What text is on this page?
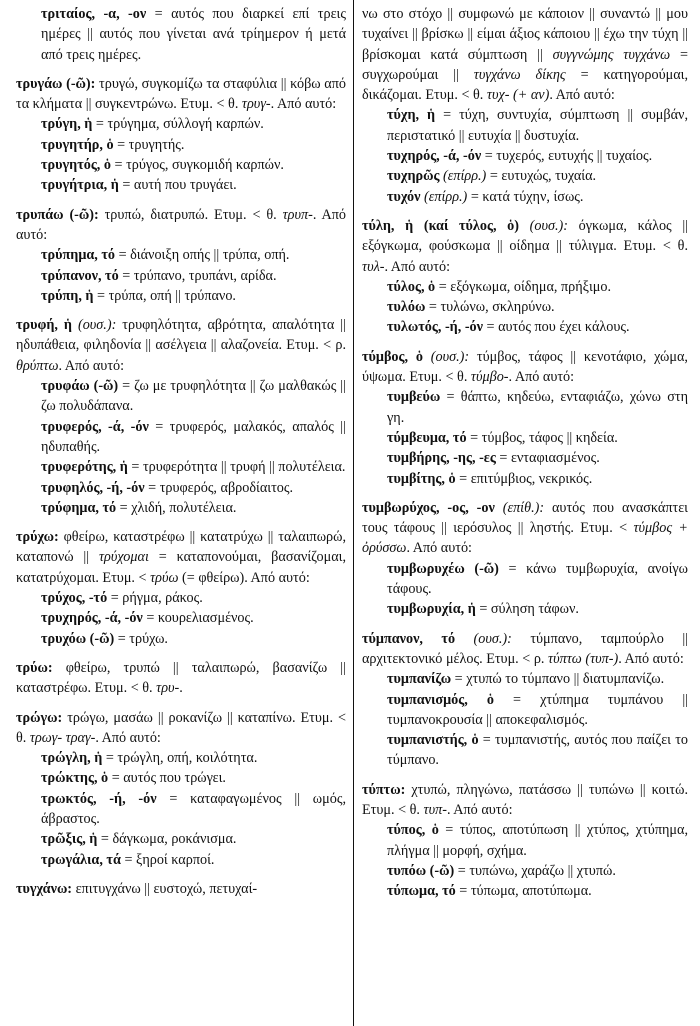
τριταίος, -α, -ον = αυτός που διαρκεί επί τρεις ημέρες || αυτός που γίνεται ανά τρίημερον ή μετά από τρεις ημέρες.
τρυγάω (-ῶ): τρυγώ, συγκομίζω τα σταφύλια || κόβω από τα κλήματα || συγκεντρώνω. Ετυμ. < θ. τρυγ-. Από αυτό:
τρύγη, ἡ = τρύγημα, σύλλογή καρπών.
τρυγητήρ, ὁ = τρυγητής.
τρυγητός, ὁ = τρύγος, συγκομιδή καρπών.
τρυγήτρια, ἡ = αυτή που τρυγάει.
τρυπάω (-ῶ): τρυπώ, διατρυπώ. Ετυμ. < θ. τρυπ-. Από αυτό:
τρύπημα, τό = διάνοιξη οπής || τρύπα, οπή.
τρύπανον, τό = τρύπανο, τρυπάνι, αρίδα.
τρύπη, ἡ = τρύπα, οπή || τρύπανο.
τρυφή, ἡ (ουσ.): τρυφηλότητα, αβρότητα, απαλότητα || ηδυπάθεια, φιληδονία || ασέλγεια || αλαζονεία. Ετυμ. < ρ. θρύπτω. Από αυτό:
τρυφάω (-ῶ) = ζω με τρυφηλότητα || ζω μαλθακώς || ζω πολυδάπανα.
τρυφερός, -ά, -όν = τρυφερός, μαλακός, απαλός || ηδυπαθής.
τρυφερότης, ἡ = τρυφερότητα || τρυφή || πολυτέλεια.
τρυφηλός, -ή, -όν = τρυφερός, αβροδίαιτος.
τρύφημα, τό = χλιδή, πολυτέλεια.
τρύχω: φθείρω, καταστρέφω || κατατρύχω || ταλαιπωρώ, καταπονώ || τρύχομαι = καταπονούμαι, βασανίζομαι, κατατρύχομαι. Ετυμ. < τρύω (= φθείρω). Από αυτό:
τρύχος, -τό = ρήγμα, ράκος.
τρυχηρός, -ά, -όν = κουρελιασμένος.
τρυχόω (-ῶ) = τρύχω.
τρύω: φθείρω, τρυπώ || ταλαιπωρώ, βασανίζω || καταστρέφω. Ετυμ. < θ. τρυ-.
τρώγω: τρώγω, μασάω || ροκανίζω || καταπίνω. Ετυμ. < θ. τρωγ- τραγ-. Από αυτό:
τρώγλη, ἡ = τρώγλη, οπή, κοιλότητα.
τρώκτης, ὁ = αυτός που τρώγει.
τρωκτός, -ή, -όν = καταφαγωμένος || ωμός, άβραστος.
τρῶξις, ἡ = δάγκωμα, ροκάνισμα.
τρωγάλια, τά = ξηροί καρποί.
τυγχάνω: επιτυγχάνω || ευστοχώ, πετυχαί-
νω στο στόχο || συμφωνώ με κάποιον || συναντώ || μου τυχαίνει || βρίσκω || είμαι άξιος κάποιου || έχω την τύχη || βρίσκομαι κατά σύμπτωση || συγγνώμης τυγχάνω = συγχωρούμαι || τυγχάνω δίκης = κατηγορούμαι, δικάζομαι. Ετυμ. < θ. τυχ- (+ αν). Από αυτό:
τύχη, ἡ = τύχη, συντυχία, σύμπτωση || συμβάν, περιστατικό || ευτυχία || δυστυχία.
τυχηρός, -ά, -όν = τυχερός, ευτυχής || τυχαίος.
τυχηρῶς (επίρρ.) = ευτυχώς, τυχαία.
τυχόν (επίρρ.) = κατά τύχην, ίσως.
τύλη, ἡ (καί τύλος, ὁ) (ουσ.): όγκωμα, κάλος || εξόγκωμα, φούσκωμα || οίδημα || τύλιγμα. Ετυμ. < θ. τυλ-. Από αυτό:
τύλος, ὁ = εξόγκωμα, οίδημα, πρήξιμο.
τυλόω = τυλώνω, σκληρύνω.
τυλωτός, -ή, -όν = αυτός που έχει κάλους.
τύμβος, ὁ (ουσ.): τύμβος, τάφος || κενοτάφιο, χώμα, ύψωμα. Ετυμ. < θ. τύμβο-. Από αυτό:
τυμβεύω = θάπτω, κηδεύω, ενταφιάζω, χώνω στη γη.
τύμβευμα, τό = τύμβος, τάφος || κηδεία.
τυμβήρης, -ης, -ες = ενταφιασμένος.
τυμβίτης, ὁ = επιτύμβιος, νεκρικός.
τυμβωρύχος, -ος, -ον (επίθ.): αυτός που ανασκάπτει τους τάφους || ιερόσυλος || ληστής. Ετυμ. < τύμβος + ὀρύσσω. Από αυτό:
τυμβωρυχέω (-ῶ) = κάνω τυμβωρυχία, ανοίγω τάφους.
τυμβωρυχία, ἡ = σύληση τάφων.
τύμπανον, τό (ουσ.): τύμπανο, ταμπούρλο || αρχιτεκτονικό μέλος. Ετυμ. < ρ. τύπτω (τυπ-). Από αυτό:
τυμπανίζω = χτυπώ το τύμπανο || διατυμπανίζω.
τυμπανισμός, ὁ = χτύπημα τυμπάνου || τυμπανοκρουσία || αποκεφαλισμός.
τυμπανιστής, ὁ = τυμπανιστής, αυτός που παίζει το τύμπανο.
τύπτω: χτυπώ, πληγώνω, πατάσσω || τυπώνω || κοιτώ. Ετυμ. < θ. τυπ-. Από αυτό:
τύπος, ὁ = τύπος, αποτύπωση || χτύπος, χτύπημα, πλήγμα || μορφή, σχήμα.
τυπόω (-ῶ) = τυπώνω, χαράζω || χτυπώ.
τύπωμα, τό = τύπωμα, αποτύπωμα.
